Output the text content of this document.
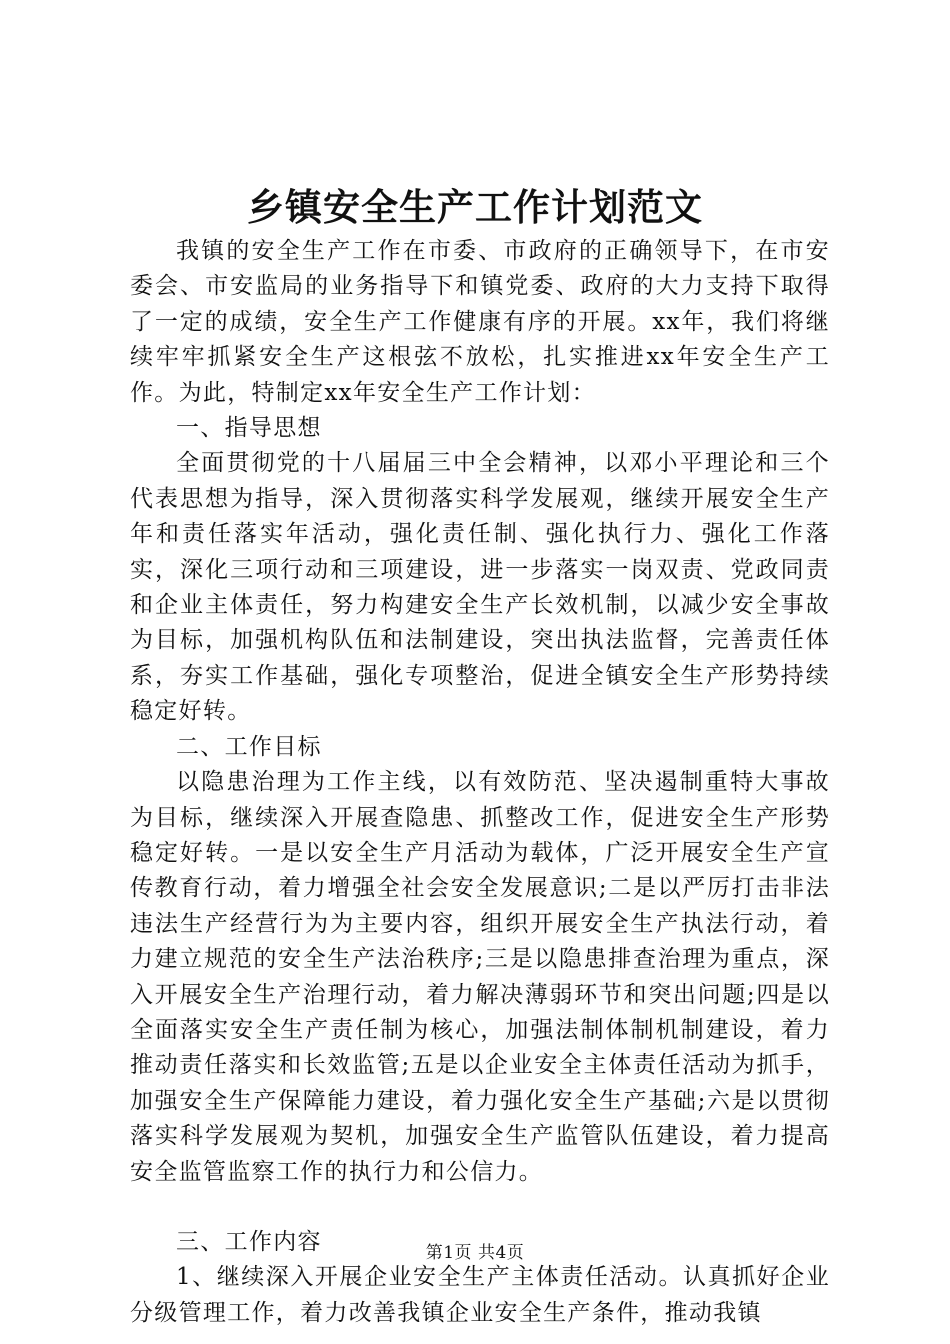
乡镇安全生产工作计划范文

我镇的安全生产工作在市委、市政府的正确领导下，在市安委会、市安监局的业务指导下和镇党委、政府的大力支持下取得了一定的成绩，安全生产工作健康有序的开展。xx年，我们将继续牢牢抓紧安全生产这根弦不放松，扎实推进xx年安全生产工作。为此，特制定xx年安全生产工作计划：

一、指导思想

全面贯彻党的十八届届三中全会精神，以邓小平理论和三个代表思想为指导，深入贯彻落实科学发展观，继续开展安全生产年和责任落实年活动，强化责任制、强化执行力、强化工作落实，深化三项行动和三项建设，进一步落实一岗双责、党政同责和企业主体责任，努力构建安全生产长效机制，以减少安全事故为目标，加强机构队伍和法制建设，突出执法监督，完善责任体系，夯实工作基础，强化专项整治，促进全镇安全生产形势持续稳定好转。

二、工作目标

以隐患治理为工作主线，以有效防范、坚决遏制重特大事故为目标，继续深入开展查隐患、抓整改工作，促进安全生产形势稳定好转。一是以安全生产月活动为载体，广泛开展安全生产宣传教育行动，着力增强全社会安全发展意识;二是以严厉打击非法违法生产经营行为为主要内容，组织开展安全生产执法行动，着力建立规范的安全生产法治秩序;三是以隐患排查治理为重点，深入开展安全生产治理行动，着力解决薄弱环节和突出问题;四是以全面落实安全生产责任制为核心，加强法制体制机制建设，着力推动责任落实和长效监管;五是以企业安全主体责任活动为抓手，加强安全生产保障能力建设，着力强化安全生产基础;六是以贯彻落实科学发展观为契机，加强安全生产监管队伍建设，着力提高安全监管监察工作的执行力和公信力。

三、工作内容

1、继续深入开展企业安全生产主体责任活动。认真抓好企业分级管理工作，着力改善我镇企业安全生产条件，推动我镇

第1页 共4页
